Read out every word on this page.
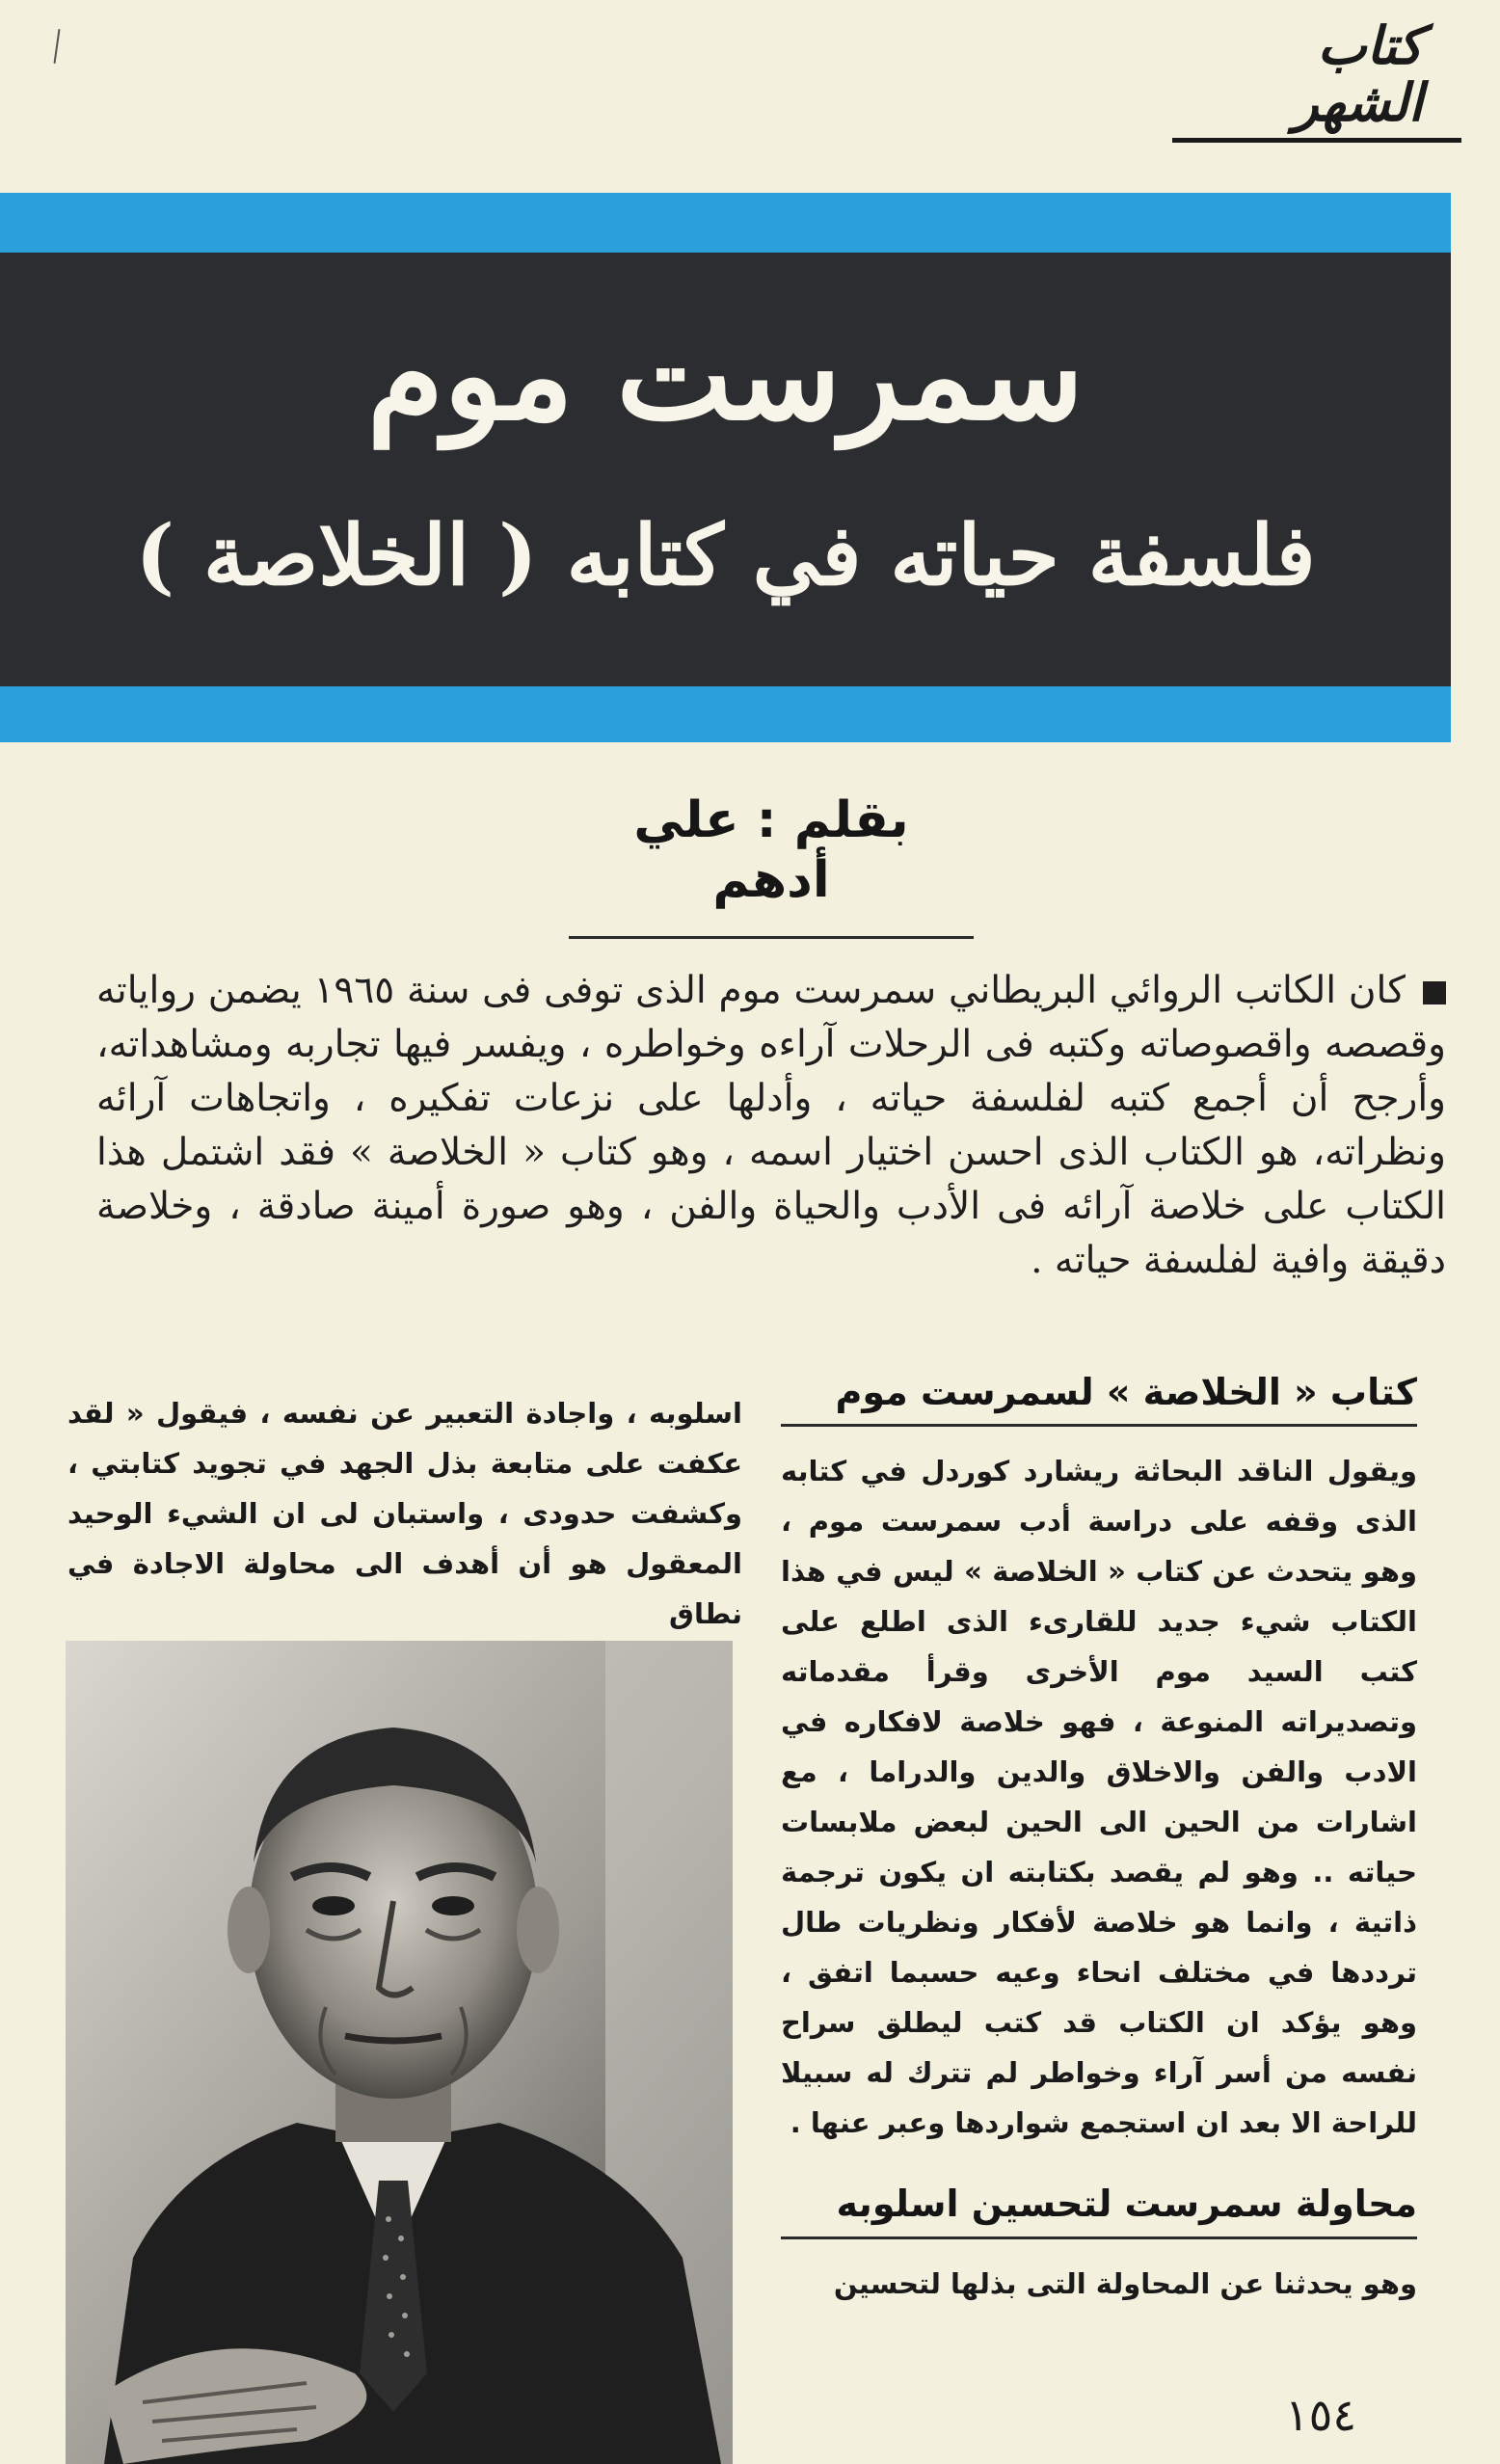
كتاب الشهر
سمرست موم
فلسفة حياته في كتابه ( الخلاصة )
بقلم : علي أدهم
كان الكاتب الروائي البريطاني سمرست موم الذى توفى فى سنة ١٩٦٥ يضمن رواياته وقصصه واقصوصاته وكتبه فى الرحلات آراءه وخواطره ، ويفسر فيها تجاربه ومشاهداته، وأرجح أن أجمع كتبه لفلسفة حياته ، وأدلها على نزعات تفكيره ، واتجاهات آرائه ونظراته، هو الكتاب الذى احسن اختيار اسمه ، وهو كتاب « الخلاصة » فقد اشتمل هذا الكتاب على خلاصة آرائه فى الأدب والحياة والفن ، وهو صورة أمينة صادقة ، وخلاصة دقيقة وافية لفلسفة حياته .
كتاب « الخلاصة » لسمرست موم
ويقول الناقد البحاثة ريشارد كوردل في كتابه الذى وقفه على دراسة أدب سمرست موم ، وهو يتحدث عن كتاب « الخلاصة » ليس في هذا الكتاب شيء جديد للقارىء الذى اطلع على كتب السيد موم الأخرى وقرأ مقدماته وتصديراته المنوعة ، فهو خلاصة لافكاره في الادب والفن والاخلاق والدين والدراما ، مع اشارات من الحين الى الحين لبعض ملابسات حياته .. وهو لم يقصد بكتابته ان يكون ترجمة ذاتية ، وانما هو خلاصة لأفكار ونظريات طال ترددها في مختلف انحاء وعيه حسبما اتفق ، وهو يؤكد ان الكتاب قد كتب ليطلق سراح نفسه من أسر آراء وخواطر لم تترك له سبيلا للراحة الا بعد ان استجمع شواردها وعبر عنها .
محاولة سمرست لتحسين اسلوبه
وهو يحدثنا عن المحاولة التى بذلها لتحسين
اسلوبه ، واجادة التعبير عن نفسه ، فيقول « لقد عكفت على متابعة بذل الجهد في تجويد كتابتي ، وكشفت حدودى ، واستبان لى ان الشيء الوحيد المعقول هو أن أهدف الى محاولة الاجادة في نطاق
١٥٤
